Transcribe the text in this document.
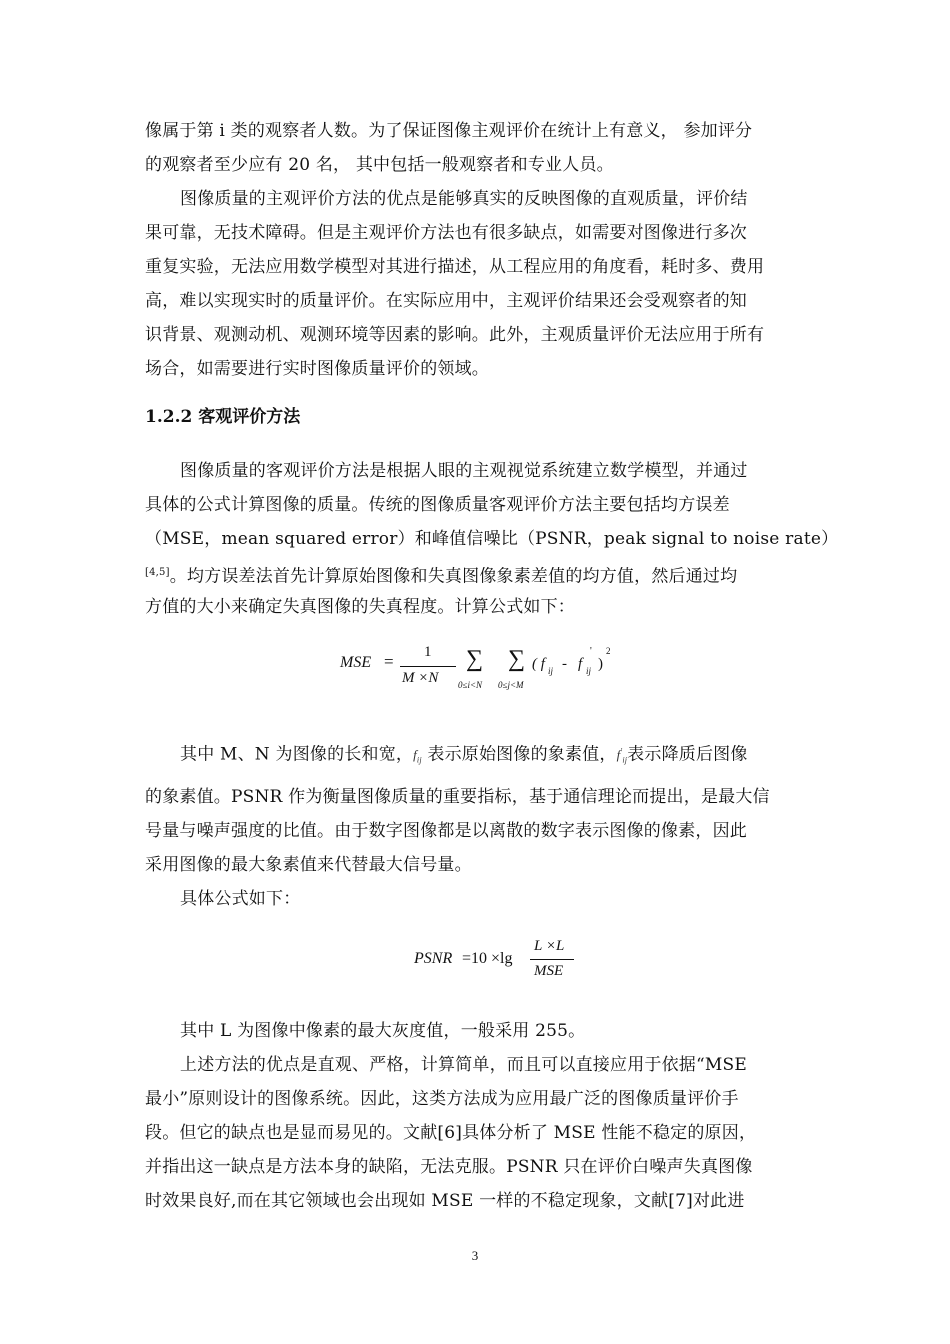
像属于第 i 类的观察者人数。为了保证图像主观评价在统计上有意义， 参加评分
的观察者至少应有 20 名， 其中包括一般观察者和专业人员。
图像质量的主观评价方法的优点是能够真实的反映图像的直观质量，评价结
果可靠，无技术障碍。但是主观评价方法也有很多缺点，如需要对图像进行多次
重复实验，无法应用数学模型对其进行描述，从工程应用的角度看，耗时多、费用
高，难以实现实时的质量评价。在实际应用中，主观评价结果还会受观察者的知
识背景、观测动机、观测环境等因素的影响。此外，主观质量评价无法应用于所有
场合，如需要进行实时图像质量评价的领域。
1.2.2 客观评价方法
图像质量的客观评价方法是根据人眼的主观视觉系统建立数学模型，并通过
具体的公式计算图像的质量。传统的图像质量客观评价方法主要包括均方误差
（MSE，mean squared error）和峰值信噪比（PSNR，peak signal to noise rate）
[4,5]。均方误差法首先计算原始图像和失真图像象素差值的均方值，然后通过均
方值的大小来确定失真图像的失真程度。计算公式如下：
MSE = 1
M ×N
∑
0≤i<N
∑
0≤j<M
( f ij - f ij
'
)
2
其中 M、N 为图像的长和宽，$f_{ij}$ 表示原始图像的象素值，$f'_{ij}$表示降质后图像
的象素值。PSNR 作为衡量图像质量的重要指标，基于通信理论而提出，是最大信
号量与噪声强度的比值。由于数字图像都是以离散的数字表示图像的像素，因此
采用图像的最大象素值来代替最大信号量。
具体公式如下：
PSNR =10 ×lg
L ×L
MSE
其中 L 为图像中像素的最大灰度值，一般采用 255。
上述方法的优点是直观、严格，计算简单，而且可以直接应用于依据“MSE
最小”原则设计的图像系统。因此，这类方法成为应用最广泛的图像质量评价手
段。但它的缺点也是显而易见的。文献[6]具体分析了 MSE 性能不稳定的原因，
并指出这一缺点是方法本身的缺陷，无法克服。PSNR 只在评价白噪声失真图像
时效果良好,而在其它领域也会出现如 MSE 一样的不稳定现象，文献[7]对此进
3
